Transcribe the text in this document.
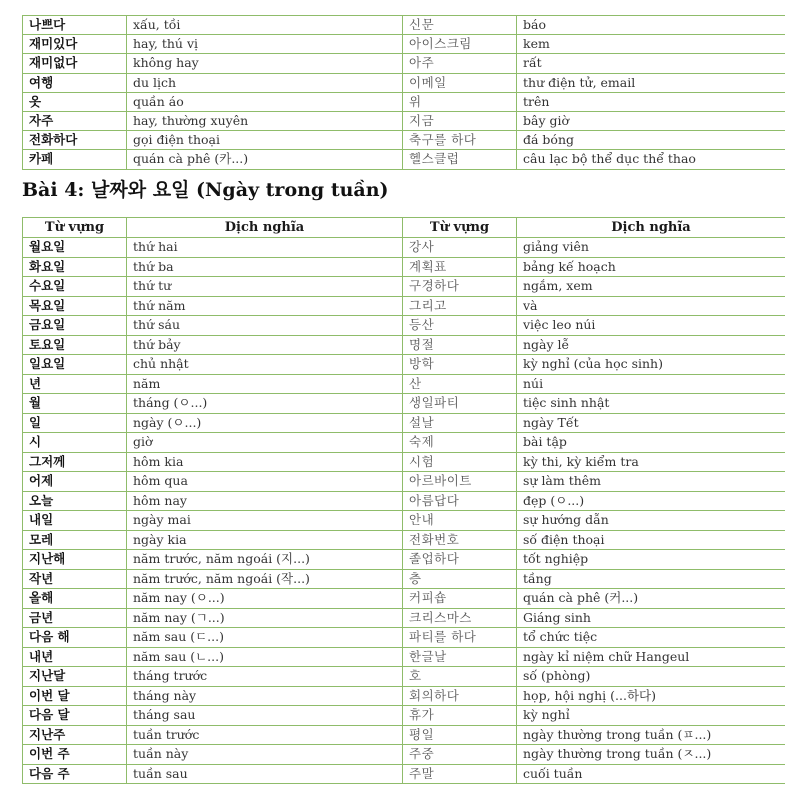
나쁘다	xấu, tồi	신문	báo
재미있다	hay, thú vị	아이스크림	kem
재미없다	không hay	아주	rất
여행	du lịch	이메일	thư điện tử, email
옷	quần áo	위	trên
자주	hay, thường xuyên	지금	bây giờ
전화하다	gọi điện thoại	축구를 하다	đá bóng
카페	quán cà phê (카...)	헬스클럽	câu lạc bộ thể dục thể thao
Bài 4: 날짜와 요일 (Ngày trong tuần)
Từ vựng	Dịch nghĩa	Từ vựng	Dịch nghĩa
월요일	thứ hai	강사	giảng viên
화요일	thứ ba	계획표	bảng kế hoạch
수요일	thứ tư	구경하다	ngắm, xem
목요일	thứ năm	그리고	và
금요일	thứ sáu	등산	việc leo núi
토요일	thứ bảy	명절	ngày lễ
일요일	chủ nhật	방학	kỳ nghỉ (của học sinh)
년	năm	산	núi
월	tháng (ㅇ...)	생일파티	tiệc sinh nhật
일	ngày (ㅇ...)	설날	ngày Tết
시	giờ	숙제	bài tập
그저께	hôm kia	시험	kỳ thi, kỳ kiểm tra
어제	hôm qua	아르바이트	sự làm thêm
오늘	hôm nay	아름답다	đẹp (ㅇ...)
내일	ngày mai	안내	sự hướng dẫn
모레	ngày kia	전화번호	số điện thoại
지난해	năm trước, năm ngoái (지...)	졸업하다	tốt nghiệp
작년	năm trước, năm ngoái (작...)	층	tầng
올해	năm nay (ㅇ...)	커피숍	quán cà phê (커...)
금년	năm nay (ㄱ...)	크리스마스	Giáng sinh
다음 해	năm sau (ㄷ...)	파티를 하다	tổ chức tiệc
내년	năm sau (ㄴ...)	한글날	ngày kỉ niệm chữ Hangeul
지난달	tháng trước	호	số (phòng)
이번 달	tháng này	회의하다	họp, hội nghị (...하다)
다음 달	tháng sau	휴가	kỳ nghỉ
지난주	tuần trước	평일	ngày thường trong tuần (ㅍ...)
이번 주	tuần này	주중	ngày thường trong tuần (ㅈ...)
다음 주	tuần sau	주말	cuối tuần
